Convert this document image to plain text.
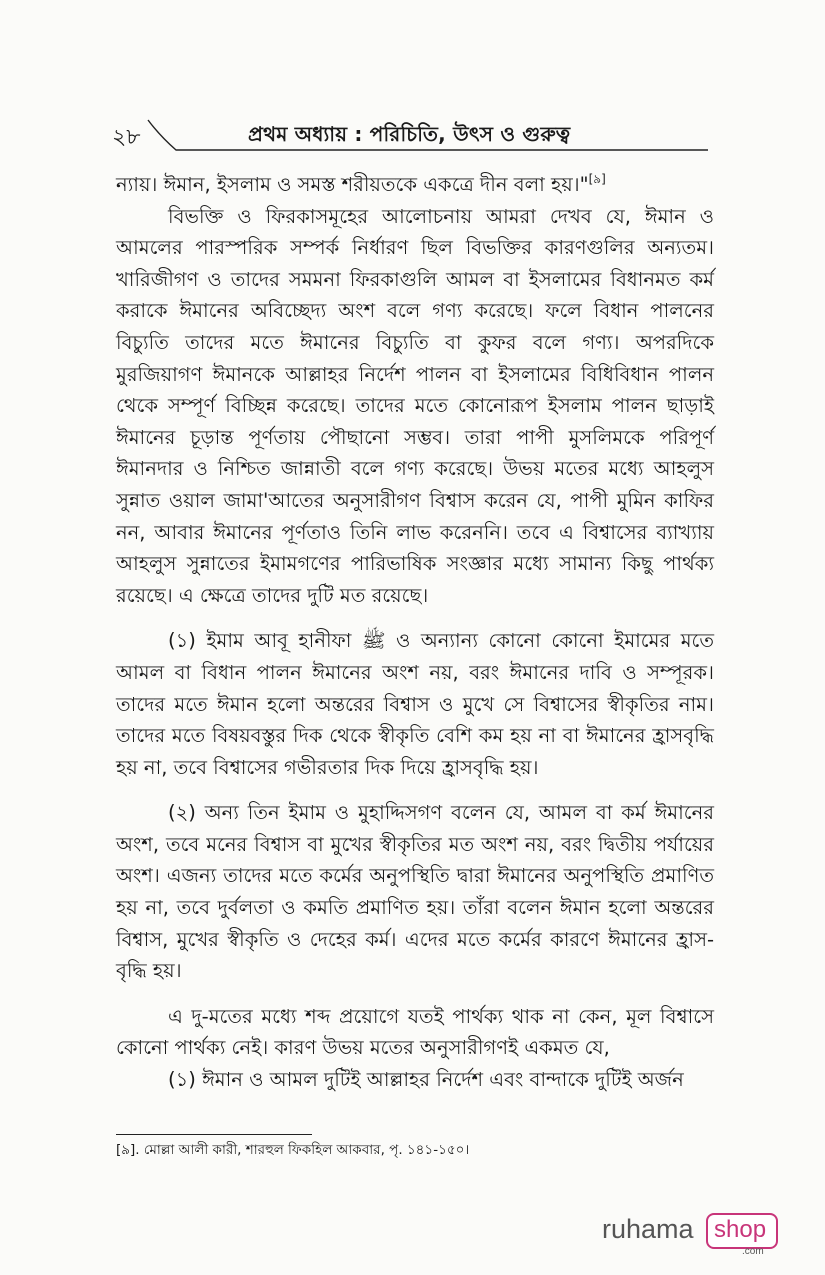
২৮	প্রথম অধ্যায় : পরিচিতি, উৎস ও গুরুত্ব

ন্যায়। ঈমান, ইসলাম ও সমস্ত শরীয়তকে একত্রে দীন বলা হয়।"[৯]

বিভক্তি ও ফিরকাসমূহের আলোচনায় আমরা দেখব যে, ঈমান ও আমলের পারস্পরিক সম্পর্ক নির্ধারণ ছিল বিভক্তির কারণগুলির অন্যতম। খারিজীগণ ও তাদের সমমনা ফিরকাগুলি আমল বা ইসলামের বিধানমত কর্ম করাকে ঈমানের অবিচ্ছেদ্য অংশ বলে গণ্য করেছে। ফলে বিধান পালনের বিচ্যুতি তাদের মতে ঈমানের বিচ্যুতি বা কুফর বলে গণ্য। অপরদিকে মুরজিয়াগণ ঈমানকে আল্লাহর নির্দেশ পালন বা ইসলামের বিধিবিধান পালন থেকে সম্পূর্ণ বিচ্ছিন্ন করেছে। তাদের মতে কোনোরূপ ইসলাম পালন ছাড়াই ঈমানের চূড়ান্ত পূর্ণতায় পৌছানো সম্ভব। তারা পাপী মুসলিমকে পরিপূর্ণ ঈমানদার ও নিশ্চিত জান্নাতী বলে গণ্য করেছে। উভয় মতের মধ্যে আহলুস সুন্নাত ওয়াল জামা'আতের অনুসারীগণ বিশ্বাস করেন যে, পাপী মুমিন কাফির নন, আবার ঈমানের পূর্ণতাও তিনি লাভ করেননি। তবে এ বিশ্বাসের ব্যাখ্যায় আহলুস সুন্নাতের ইমামগণের পারিভাষিক সংজ্ঞার মধ্যে সামান্য কিছু পার্থক্য রয়েছে। এ ক্ষেত্রে তাদের দুটি মত রয়েছে।

(১) ইমাম আবূ হানীফা ﷺ ও অন্যান্য কোনো কোনো ইমামের মতে আমল বা বিধান পালন ঈমানের অংশ নয়, বরং ঈমানের দাবি ও সম্পূরক। তাদের মতে ঈমান হলো অন্তরের বিশ্বাস ও মুখে সে বিশ্বাসের স্বীকৃতির নাম। তাদের মতে বিষয়বস্তুর দিক থেকে স্বীকৃতি বেশি কম হয় না বা ঈমানের হ্রাসবৃদ্ধি হয় না, তবে বিশ্বাসের গভীরতার দিক দিয়ে হ্রাসবৃদ্ধি হয়।

(২) অন্য তিন ইমাম ও মুহাদ্দিসগণ বলেন যে, আমল বা কর্ম ঈমানের অংশ, তবে মনের বিশ্বাস বা মুখের স্বীকৃতির মত অংশ নয়, বরং দ্বিতীয় পর্যায়ের অংশ। এজন্য তাদের মতে কর্মের অনুপস্থিতি দ্বারা ঈমানের অনুপস্থিতি প্রমাণিত হয় না, তবে দুর্বলতা ও কমতি প্রমাণিত হয়। তাঁরা বলেন ঈমান হলো অন্তরের বিশ্বাস, মুখের স্বীকৃতি ও দেহের কর্ম। এদের মতে কর্মের কারণে ঈমানের হ্রাস-বৃদ্ধি হয়।

এ দু-মতের মধ্যে শব্দ প্রয়োগে যতই পার্থক্য থাক না কেন, মূল বিশ্বাসে কোনো পার্থক্য নেই। কারণ উভয় মতের অনুসারীগণই একমত যে,

(১) ঈমান ও আমল দুটিই আল্লাহর নির্দেশ এবং বান্দাকে দুটিই অর্জন

[৯]. মোল্লা আলী কারী, শারহুল ফিকহিল আকবার, পৃ. ১৪১-১৫০।
ruhama shop
.com
